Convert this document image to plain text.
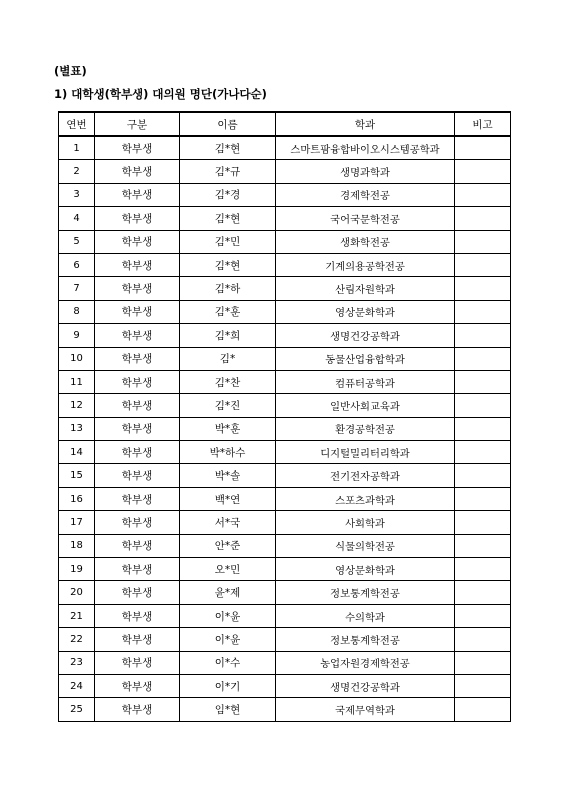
(별표)
1) 대학생(학부생) 대의원 명단(가나다순)
연번	구분	이름	학과	비고
1	학부생	김*현	스마트팜융합바이오시스템공학과	
2	학부생	김*규	생명과학과	
3	학부생	김*경	경제학전공	
4	학부생	김*현	국어국문학전공	
5	학부생	김*민	생화학전공	
6	학부생	김*현	기계의용공학전공	
7	학부생	김*하	산림자원학과	
8	학부생	김*훈	영상문화학과	
9	학부생	김*희	생명건강공학과	
10	학부생	김*	동물산업융합학과	
11	학부생	김*찬	컴퓨터공학과	
12	학부생	김*진	일반사회교육과	
13	학부생	박*훈	환경공학전공	
14	학부생	박*하수	디지털밀리터리학과	
15	학부생	박*솔	전기전자공학과	
16	학부생	백*연	스포츠과학과	
17	학부생	서*국	사회학과	
18	학부생	안*준	식물의학전공	
19	학부생	오*민	영상문화학과	
20	학부생	윤*제	정보통계학전공	
21	학부생	이*윤	수의학과	
22	학부생	이*윤	정보통계학전공	
23	학부생	이*수	농업자원경제학전공	
24	학부생	이*기	생명건강공학과	
25	학부생	임*현	국제무역학과	
